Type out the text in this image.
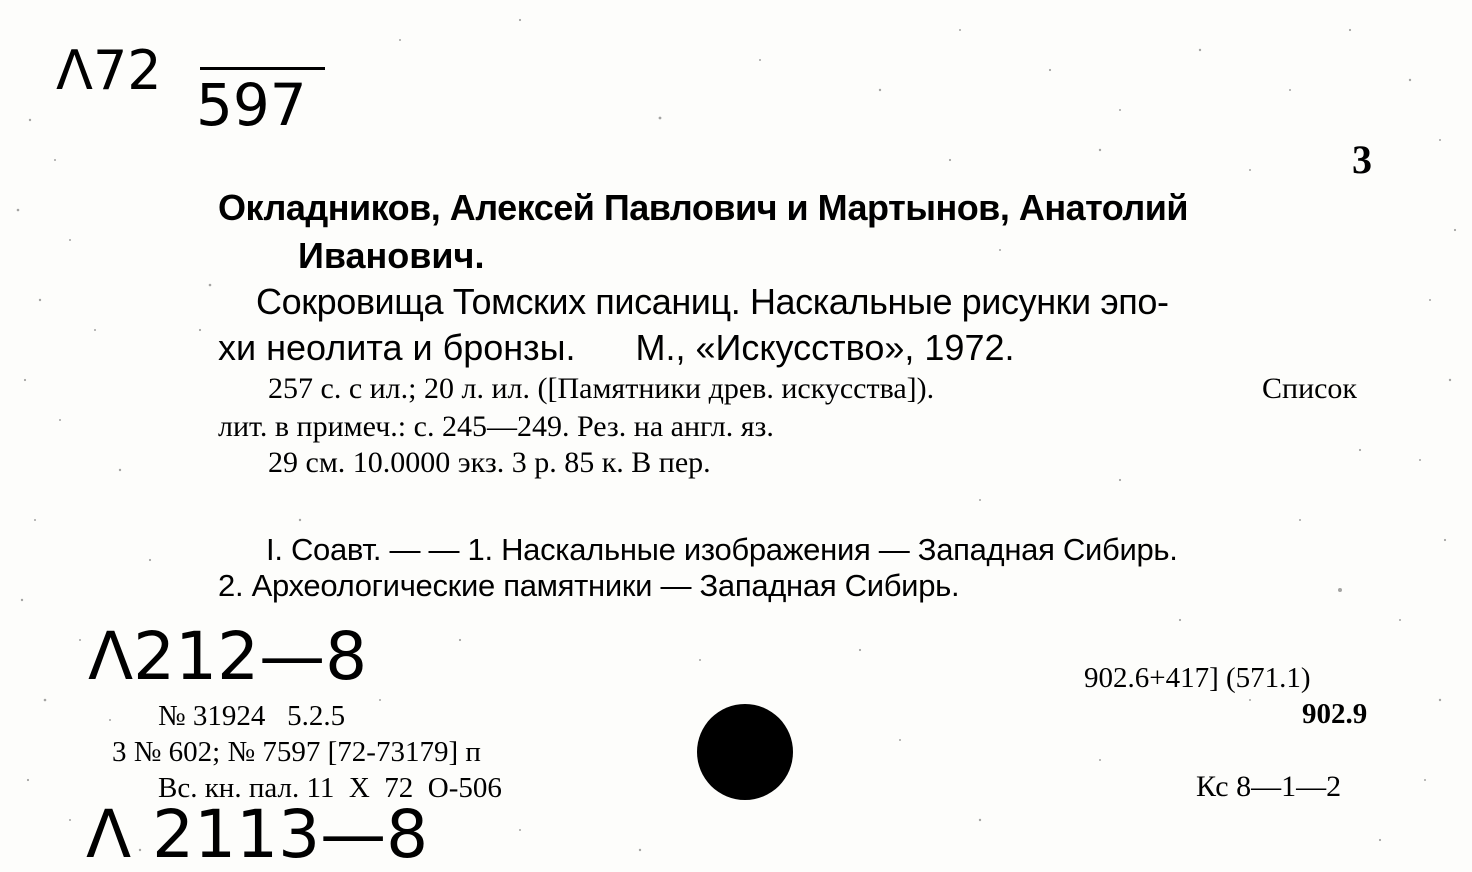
Λ72
597
Λ212—8
Λ 2113—8
3
Окладников, Алексей Павлович и Мартынов, Анатолий
Иванович.
Сокровища Томских писаниц. Наскальные рисунки эпо-
хи неолита и бронзы.      М., «Искусство», 1972.
257 с. с ил.; 20 л. ил. ([Памятники древ. искусства]).	Список
лит. в примеч.: с. 245—249. Рез. на англ. яз.
29 см. 10.0000 экз. 3 р. 85 к. В пер.
I. Соавт. — — 1. Наскальные изображения — Западная Сибирь.
2. Археологические памятники — Западная Сибирь.
№ 31924   5.2.5
3 № 602; № 7597 [72-73179] п
Вс. кн. пал. 11  X  72  О-506
902.6+417] (571.1)
902.9
Кс 8—1—2
